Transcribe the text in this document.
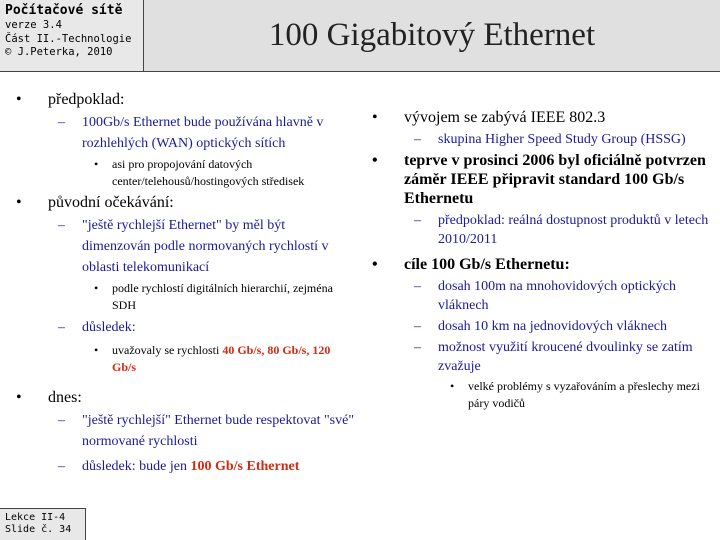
Počítačové sítě
verze 3.4
Část II.-Technologie
© J.Peterka, 2010	100 Gigabitový Ethernet
• předpoklad:
– 100Gb/s Ethernet bude používána hlavně v rozhlehlých (WAN) optických sítích
• asi pro propojování datových center/telehousů/hostingových středisek
• původní očekávání:
– "ještě rychlejší Ethernet" by měl být dimenzován podle normovaných rychlostí v oblasti telekomunikací
• podle rychlostí digitálních hierarchií, zejména SDH
– důsledek:
• uvažovaly se rychlosti 40 Gb/s, 80 Gb/s, 120 Gb/s
• dnes:
– "ještě rychlejší" Ethernet bude respektovat "své" normované rychlosti
– důsledek: bude jen 100 Gb/s Ethernet
• vývojem se zabývá IEEE 802.3
– skupina Higher Speed Study Group (HSSG)
• teprve v prosinci 2006 byl oficiálně potvrzen záměr IEEE připravit standard 100 Gb/s Ethernetu
– předpoklad: reálná dostupnost produktů v letech 2010/2011
• cíle 100 Gb/s Ethernetu:
– dosah 100m na mnohovidových optických vláknech
– dosah 10 km na jednovidových vláknech
– možnost využití kroucené dvoulinky se zatím zvažuje
• velké problémy s vyzařováním a přeslechy mezi páry vodičů
Lekce II-4
Slide č. 34
